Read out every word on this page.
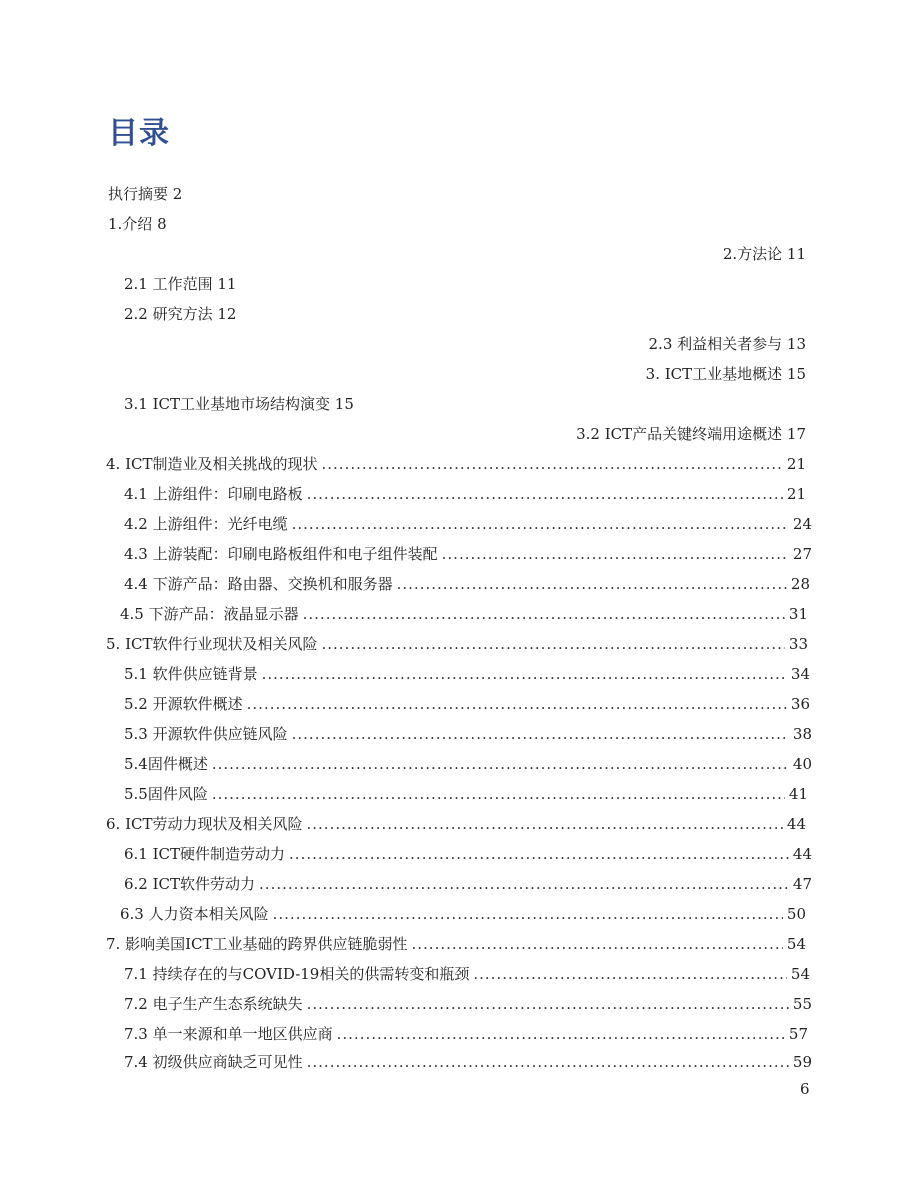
目录
执行摘要 2
1.介绍 8
2.方法论 11
2.1 工作范围 11
2.2 研究方法 12
2.3 利益相关者参与 13
3. ICT工业基地概述 15
3.1 ICT工业基地市场结构演变 15
3.2 ICT产品关键终端用途概述 17
4. ICT制造业及相关挑战的现状 .....	21
4.1 上游组件：印刷电路板 .....	21
4.2 上游组件：光纤电缆 .....	24
4.3 上游装配：印刷电路板组件和电子组件装配 .....	27
4.4 下游产品：路由器、交换机和服务器 .....	28
4.5 下游产品：液晶显示器 .....	31
5. ICT软件行业现状及相关风险 .....	33
5.1 软件供应链背景 .....	34
5.2 开源软件概述 .....	36
5.3 开源软件供应链风险 .....	38
5.4固件概述 .....	40
5.5固件风险 .....	41
6. ICT劳动力现状及相关风险 .....	44
6.1 ICT硬件制造劳动力 .....	44
6.2 ICT软件劳动力 .....	47
6.3 人力资本相关风险 .....	50
7. 影响美国ICT工业基础的跨界供应链脆弱性 .....	54
7.1 持续存在的与COVID-19相关的供需转变和瓶颈 .....	54
7.2 电子生产生态系统缺失 .....	55
7.3 单一来源和单一地区供应商 .....	57
7.4 初级供应商缺乏可见性 .....	59
6
